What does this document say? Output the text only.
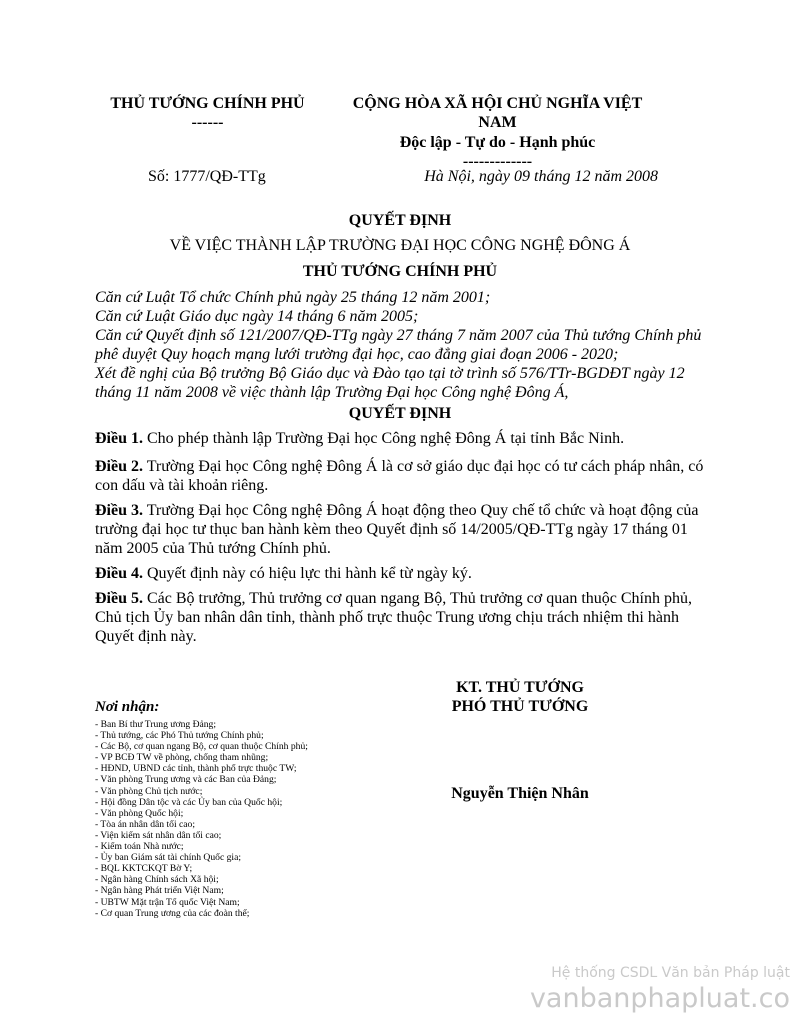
THỦ TƯỚNG CHÍNH PHỦ
------
CỘNG HÒA XÃ HỘI CHỦ NGHĨA VIỆT
NAM
Độc lập - Tự do - Hạnh phúc
-------------
Số: 1777/QĐ-TTg	Hà Nội, ngày 09 tháng 12 năm 2008
QUYẾT ĐỊNH
VỀ VIỆC THÀNH LẬP TRƯỜNG ĐẠI HỌC CÔNG NGHỆ ĐÔNG Á
THỦ TƯỚNG CHÍNH PHỦ
Căn cứ Luật Tổ chức Chính phủ ngày 25 tháng 12 năm 2001;
Căn cứ Luật Giáo dục ngày 14 tháng 6 năm 2005;
Căn cứ Quyết định số 121/2007/QĐ-TTg ngày 27 tháng 7 năm 2007 của Thủ tướng Chính phủ
phê duyệt Quy hoạch mạng lưới trường đại học, cao đẳng giai đoạn 2006 - 2020;
Xét đề nghị của Bộ trưởng Bộ Giáo dục và Đào tạo tại tờ trình số 576/TTr-BGDĐT ngày 12
tháng 11 năm 2008 về việc thành lập Trường Đại học Công nghệ Đông Á,
QUYẾT ĐỊNH
Điều 1. Cho phép thành lập Trường Đại học Công nghệ Đông Á tại tỉnh Bắc Ninh.
Điều 2. Trường Đại học Công nghệ Đông Á là cơ sở giáo dục đại học có tư cách pháp nhân, có
con dấu và tài khoản riêng.
Điều 3. Trường Đại học Công nghệ Đông Á hoạt động theo Quy chế tổ chức và hoạt động của
trường đại học tư thục ban hành kèm theo Quyết định số 14/2005/QĐ-TTg ngày 17 tháng 01
năm 2005 của Thủ tướng Chính phủ.
Điều 4. Quyết định này có hiệu lực thi hành kể từ ngày ký.
Điều 5. Các Bộ trưởng, Thủ trưởng cơ quan ngang Bộ, Thủ trưởng cơ quan thuộc Chính phủ,
Chủ tịch Ủy ban nhân dân tỉnh, thành phố trực thuộc Trung ương chịu trách nhiệm thi hành
Quyết định này.
KT. THỦ TƯỚNG
PHÓ THỦ TƯỚNG
Nguyễn Thiện Nhân
Nơi nhận:
- Ban Bí thư Trung ương Đảng;
- Thủ tướng, các Phó Thủ tướng Chính phủ;
- Các Bộ, cơ quan ngang Bộ, cơ quan thuộc Chính phủ;
- VP BCĐ TW về phòng, chống tham nhũng;
- HĐND, UBND các tỉnh, thành phố trực thuộc TW;
- Văn phòng Trung ương và các Ban của Đảng;
- Văn phòng Chủ tịch nước;
- Hội đồng Dân tộc và các Ủy ban của Quốc hội;
- Văn phòng Quốc hội;
- Tòa án nhân dân tối cao;
- Viện kiểm sát nhân dân tối cao;
- Kiểm toán Nhà nước;
- Ủy ban Giám sát tài chính Quốc gia;
- BQL KKTCKQT Bờ Y;
- Ngân hàng Chính sách Xã hội;
- Ngân hàng Phát triển Việt Nam;
- UBTW Mặt trận Tổ quốc Việt Nam;
- Cơ quan Trung ương của các đoàn thể;
Hệ thống CSDL Văn bản Pháp luật
vanbanphapluat.co
